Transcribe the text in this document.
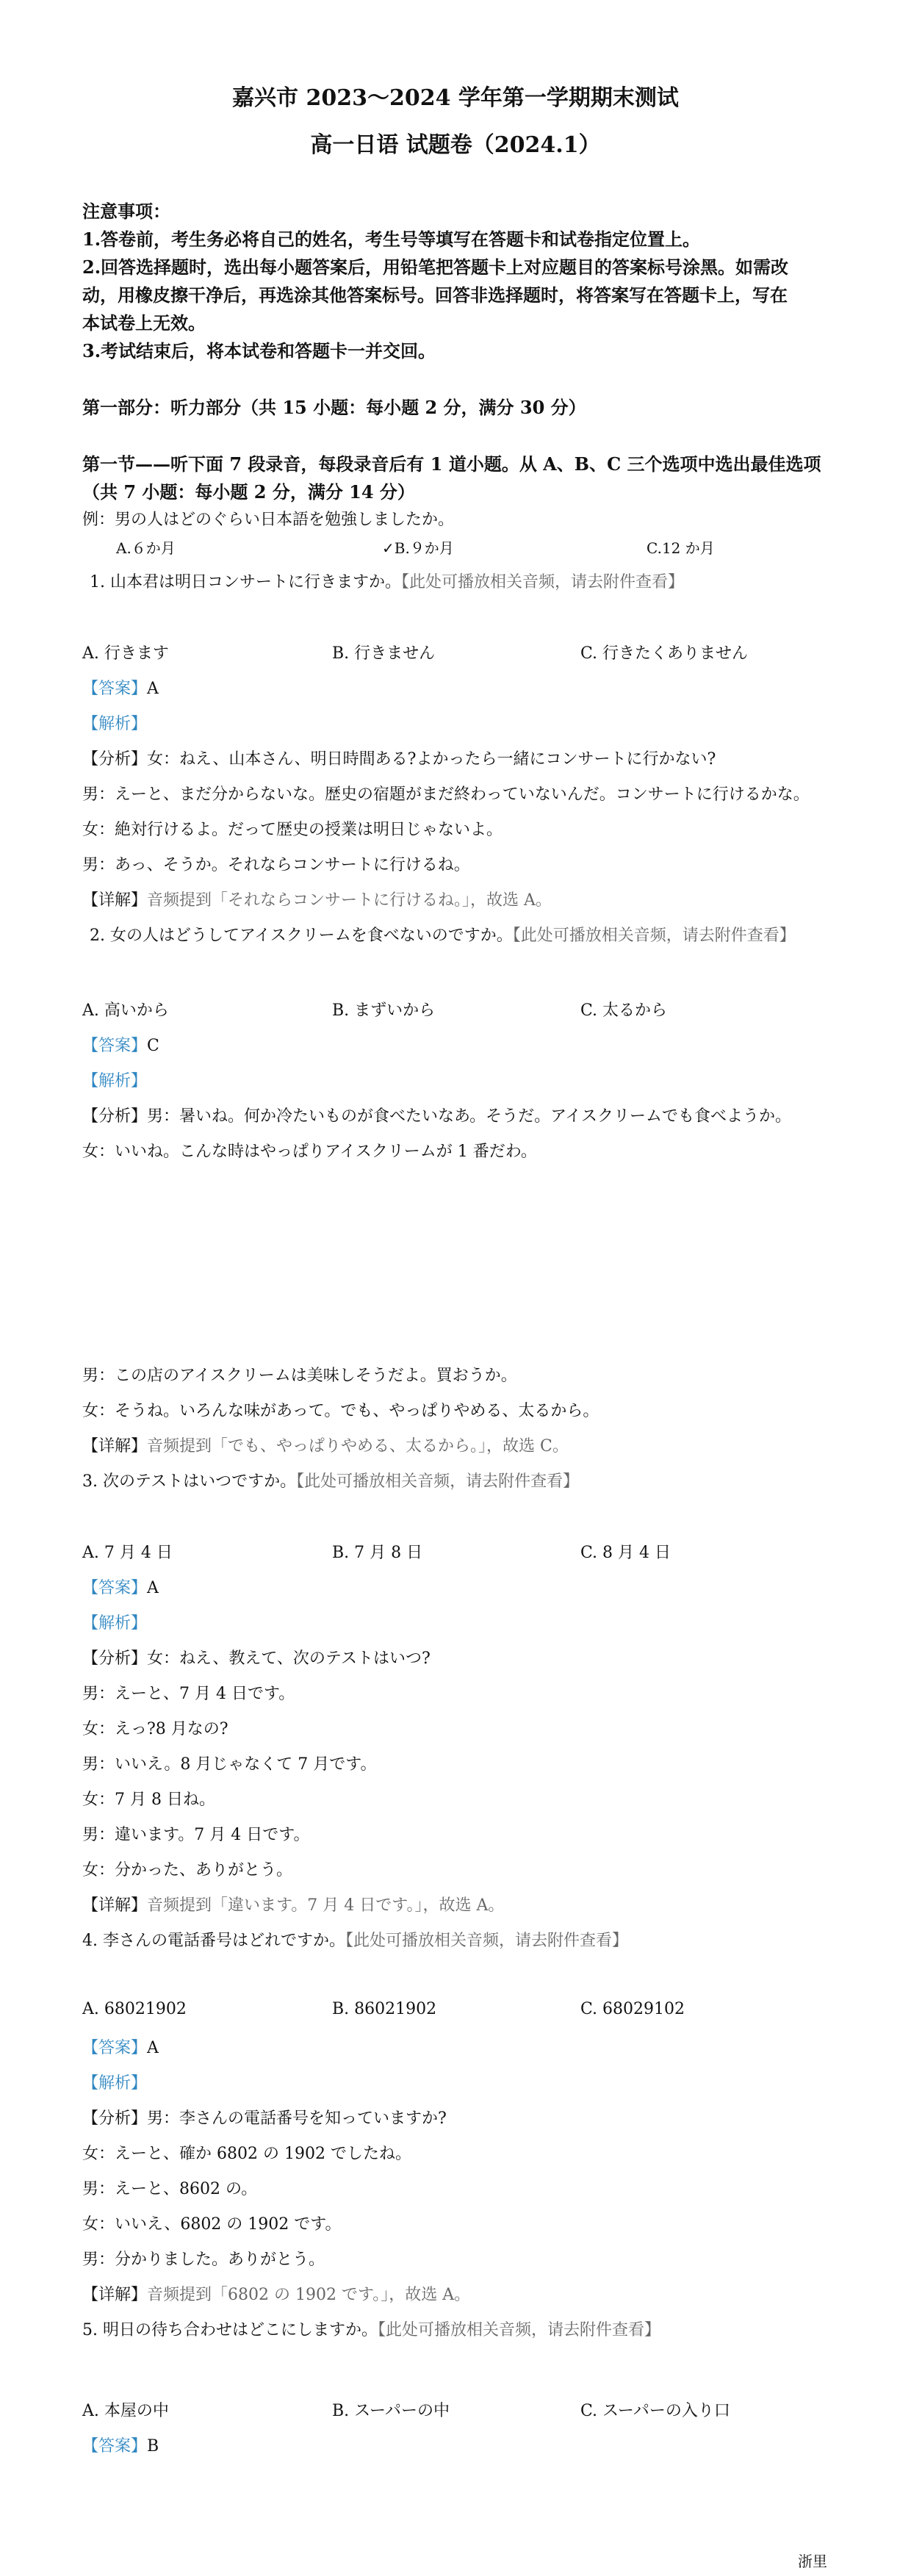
嘉兴市 2023～2024 学年第一学期期末测试
高一日语 试题卷（2024.1）
注意事项：
1.答卷前，考生务必将自己的姓名，考生号等填写在答题卡和试卷指定位置上。
2.回答选择题时，选出每小题答案后，用铅笔把答题卡上对应题目的答案标号涂黑。如需改
动，用橡皮擦干净后，再选涂其他答案标号。回答非选择题时，将答案写在答题卡上，写在
本试卷上无效。
3.考试结束后，将本试卷和答题卡一并交回。
第一部分：听力部分（共 15 小题：每小题 2 分，满分 30 分）
第一节——听下面 7 段录音，每段录音后有 1 道小题。从 A、B、C 三个选项中选出最佳选项
（共 7 小题：每小题 2 分，满分 14 分）
例：男の人はどのぐらい日本語を勉強しましたか。
A.６か月	✓B.９か月	C.12 か月
1. 山本君は明日コンサートに行きますか。【此处可播放相关音频，请去附件查看】
A. 行きます	B. 行きません	C. 行きたくありません
【答案】A
【解析】
【分析】女：ねえ、山本さん、明日時間ある?よかったら一緒にコンサートに行かない?
男：えーと、まだ分からないな。歴史の宿題がまだ終わっていないんだ。コンサートに行けるかな。
女：絶対行けるよ。だって歴史の授業は明日じゃないよ。
男：あっ、そうか。それならコンサートに行けるね。
【详解】音频提到「それならコンサートに行けるね。」，故选 A。
2. 女の人はどうしてアイスクリームを食べないのですか。【此处可播放相关音频，请去附件查看】
A. 高いから	B. まずいから	C. 太るから
【答案】C
【解析】
【分析】男：暑いね。何か冷たいものが食べたいなあ。そうだ。アイスクリームでも食べようか。
女：いいね。こんな時はやっぱりアイスクリームが 1 番だわ。
男：この店のアイスクリームは美味しそうだよ。買おうか。
女：そうね。いろんな味があって。でも、やっぱりやめる、太るから。
【详解】音频提到「でも、やっぱりやめる、太るから。」，故选 C。
3. 次のテストはいつですか。【此处可播放相关音频，请去附件查看】
A. 7 月 4 日	B. 7 月 8 日	C. 8 月 4 日
【答案】A
【解析】
【分析】女：ねえ、教えて、次のテストはいつ?
男：えーと、7 月 4 日です。
女：えっ?8 月なの?
男：いいえ。8 月じゃなくて 7 月です。
女：7 月 8 日ね。
男：違います。7 月 4 日です。
女：分かった、ありがとう。
【详解】音频提到「違います。7 月 4 日です。」，故选 A。
4. 李さんの電話番号はどれですか。【此处可播放相关音频，请去附件查看】
A. 68021902	B. 86021902	C. 68029102
【答案】A
【解析】
【分析】男：李さんの電話番号を知っていますか?
女：えーと、確か 6802 の 1902 でしたね。
男：えーと、8602 の。
女：いいえ、6802 の 1902 です。
男：分かりました。ありがとう。
【详解】音频提到「6802 の 1902 です。」，故选 A。
5. 明日の待ち合わせはどこにしますか。【此处可播放相关音频，请去附件查看】
A. 本屋の中	B. スーパーの中	C. スーパーの入り口
【答案】B
浙里
